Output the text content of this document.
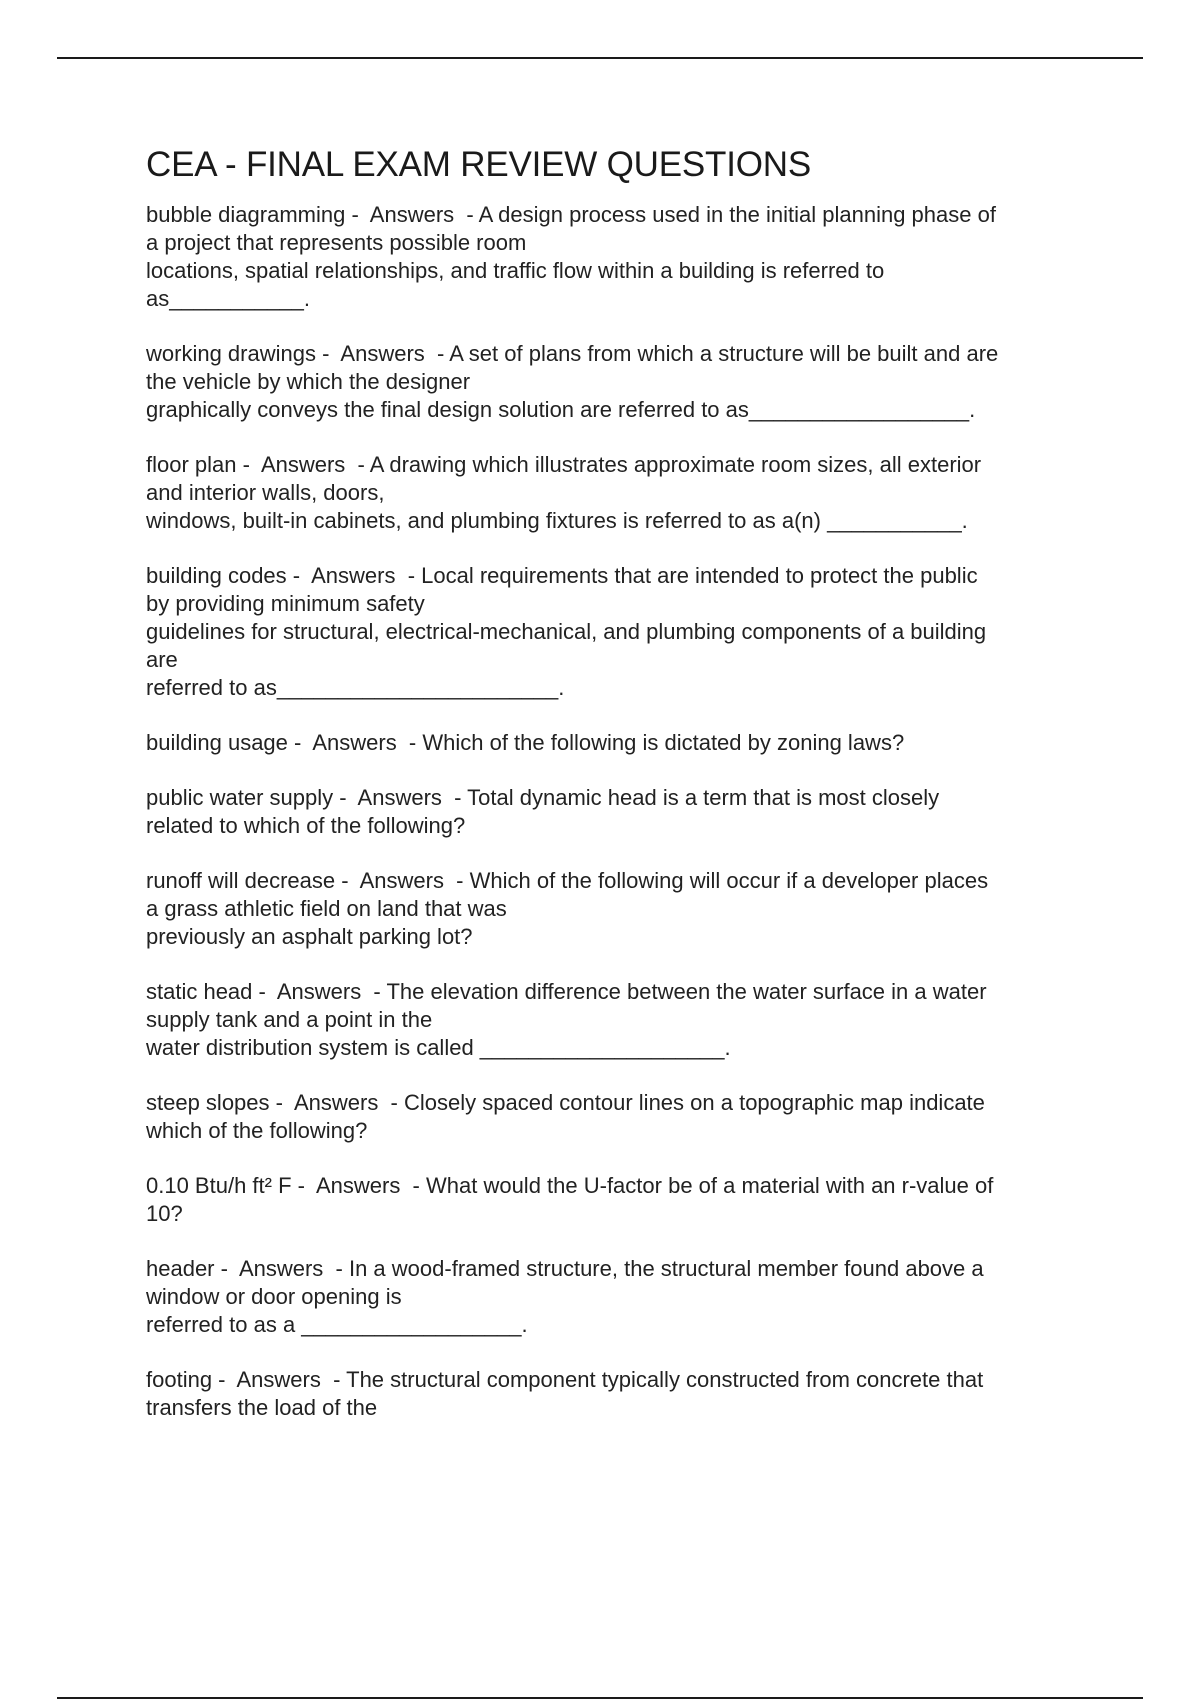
CEA - FINAL EXAM REVIEW QUESTIONS
bubble diagramming -  Answers  - A design process used in the initial planning phase of
a project that represents possible room
locations, spatial relationships, and traffic flow within a building is referred to
as___________.
working drawings -  Answers  - A set of plans from which a structure will be built and are
the vehicle by which the designer
graphically conveys the final design solution are referred to as__________________.
floor plan -  Answers  - A drawing which illustrates approximate room sizes, all exterior
and interior walls, doors,
windows, built-in cabinets, and plumbing fixtures is referred to as a(n) ___________.
building codes -  Answers  - Local requirements that are intended to protect the public
by providing minimum safety
guidelines for structural, electrical-mechanical, and plumbing components of a building
are
referred to as_______________________.
building usage -  Answers  - Which of the following is dictated by zoning laws?
public water supply -  Answers  - Total dynamic head is a term that is most closely
related to which of the following?
runoff will decrease -  Answers  - Which of the following will occur if a developer places
a grass athletic field on land that was
previously an asphalt parking lot?
static head -  Answers  - The elevation difference between the water surface in a water
supply tank and a point in the
water distribution system is called ____________________.
steep slopes -  Answers  - Closely spaced contour lines on a topographic map indicate
which of the following?
0.10 Btu/h ft² F -  Answers  - What would the U-factor be of a material with an r-value of
10?
header -  Answers  - In a wood-framed structure, the structural member found above a
window or door opening is
referred to as a __________________.
footing -  Answers  - The structural component typically constructed from concrete that
transfers the load of the
